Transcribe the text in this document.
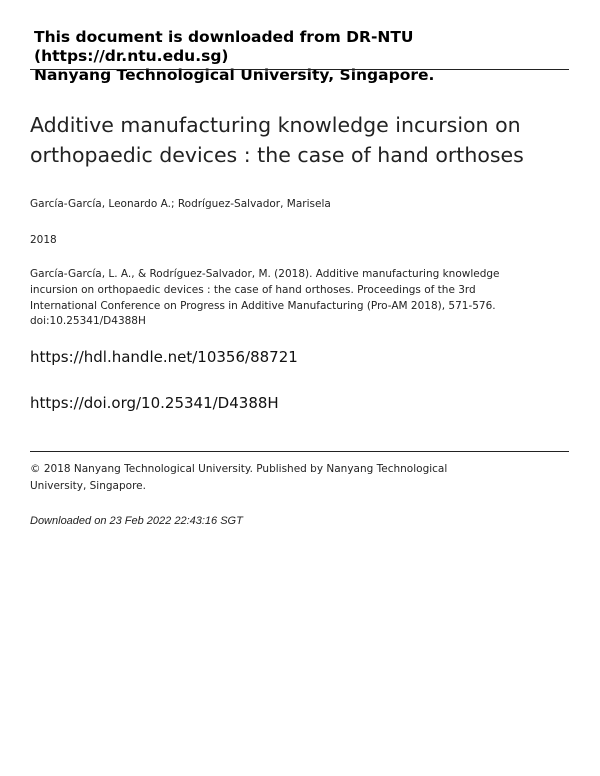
This document is downloaded from DR-NTU (https://dr.ntu.edu.sg)
Nanyang Technological University, Singapore.
Additive manufacturing knowledge incursion on orthopaedic devices : the case of hand orthoses
García-García, Leonardo A.; Rodríguez-Salvador, Marisela
2018
García-García, L. A., & Rodríguez-Salvador, M. (2018). Additive manufacturing knowledge incursion on orthopaedic devices : the case of hand orthoses. Proceedings of the 3rd International Conference on Progress in Additive Manufacturing (Pro-AM 2018), 571-576. doi:10.25341/D4388H
https://hdl.handle.net/10356/88721
https://doi.org/10.25341/D4388H
© 2018 Nanyang Technological University. Published by Nanyang Technological University, Singapore.
Downloaded on 23 Feb 2022 22:43:16 SGT
